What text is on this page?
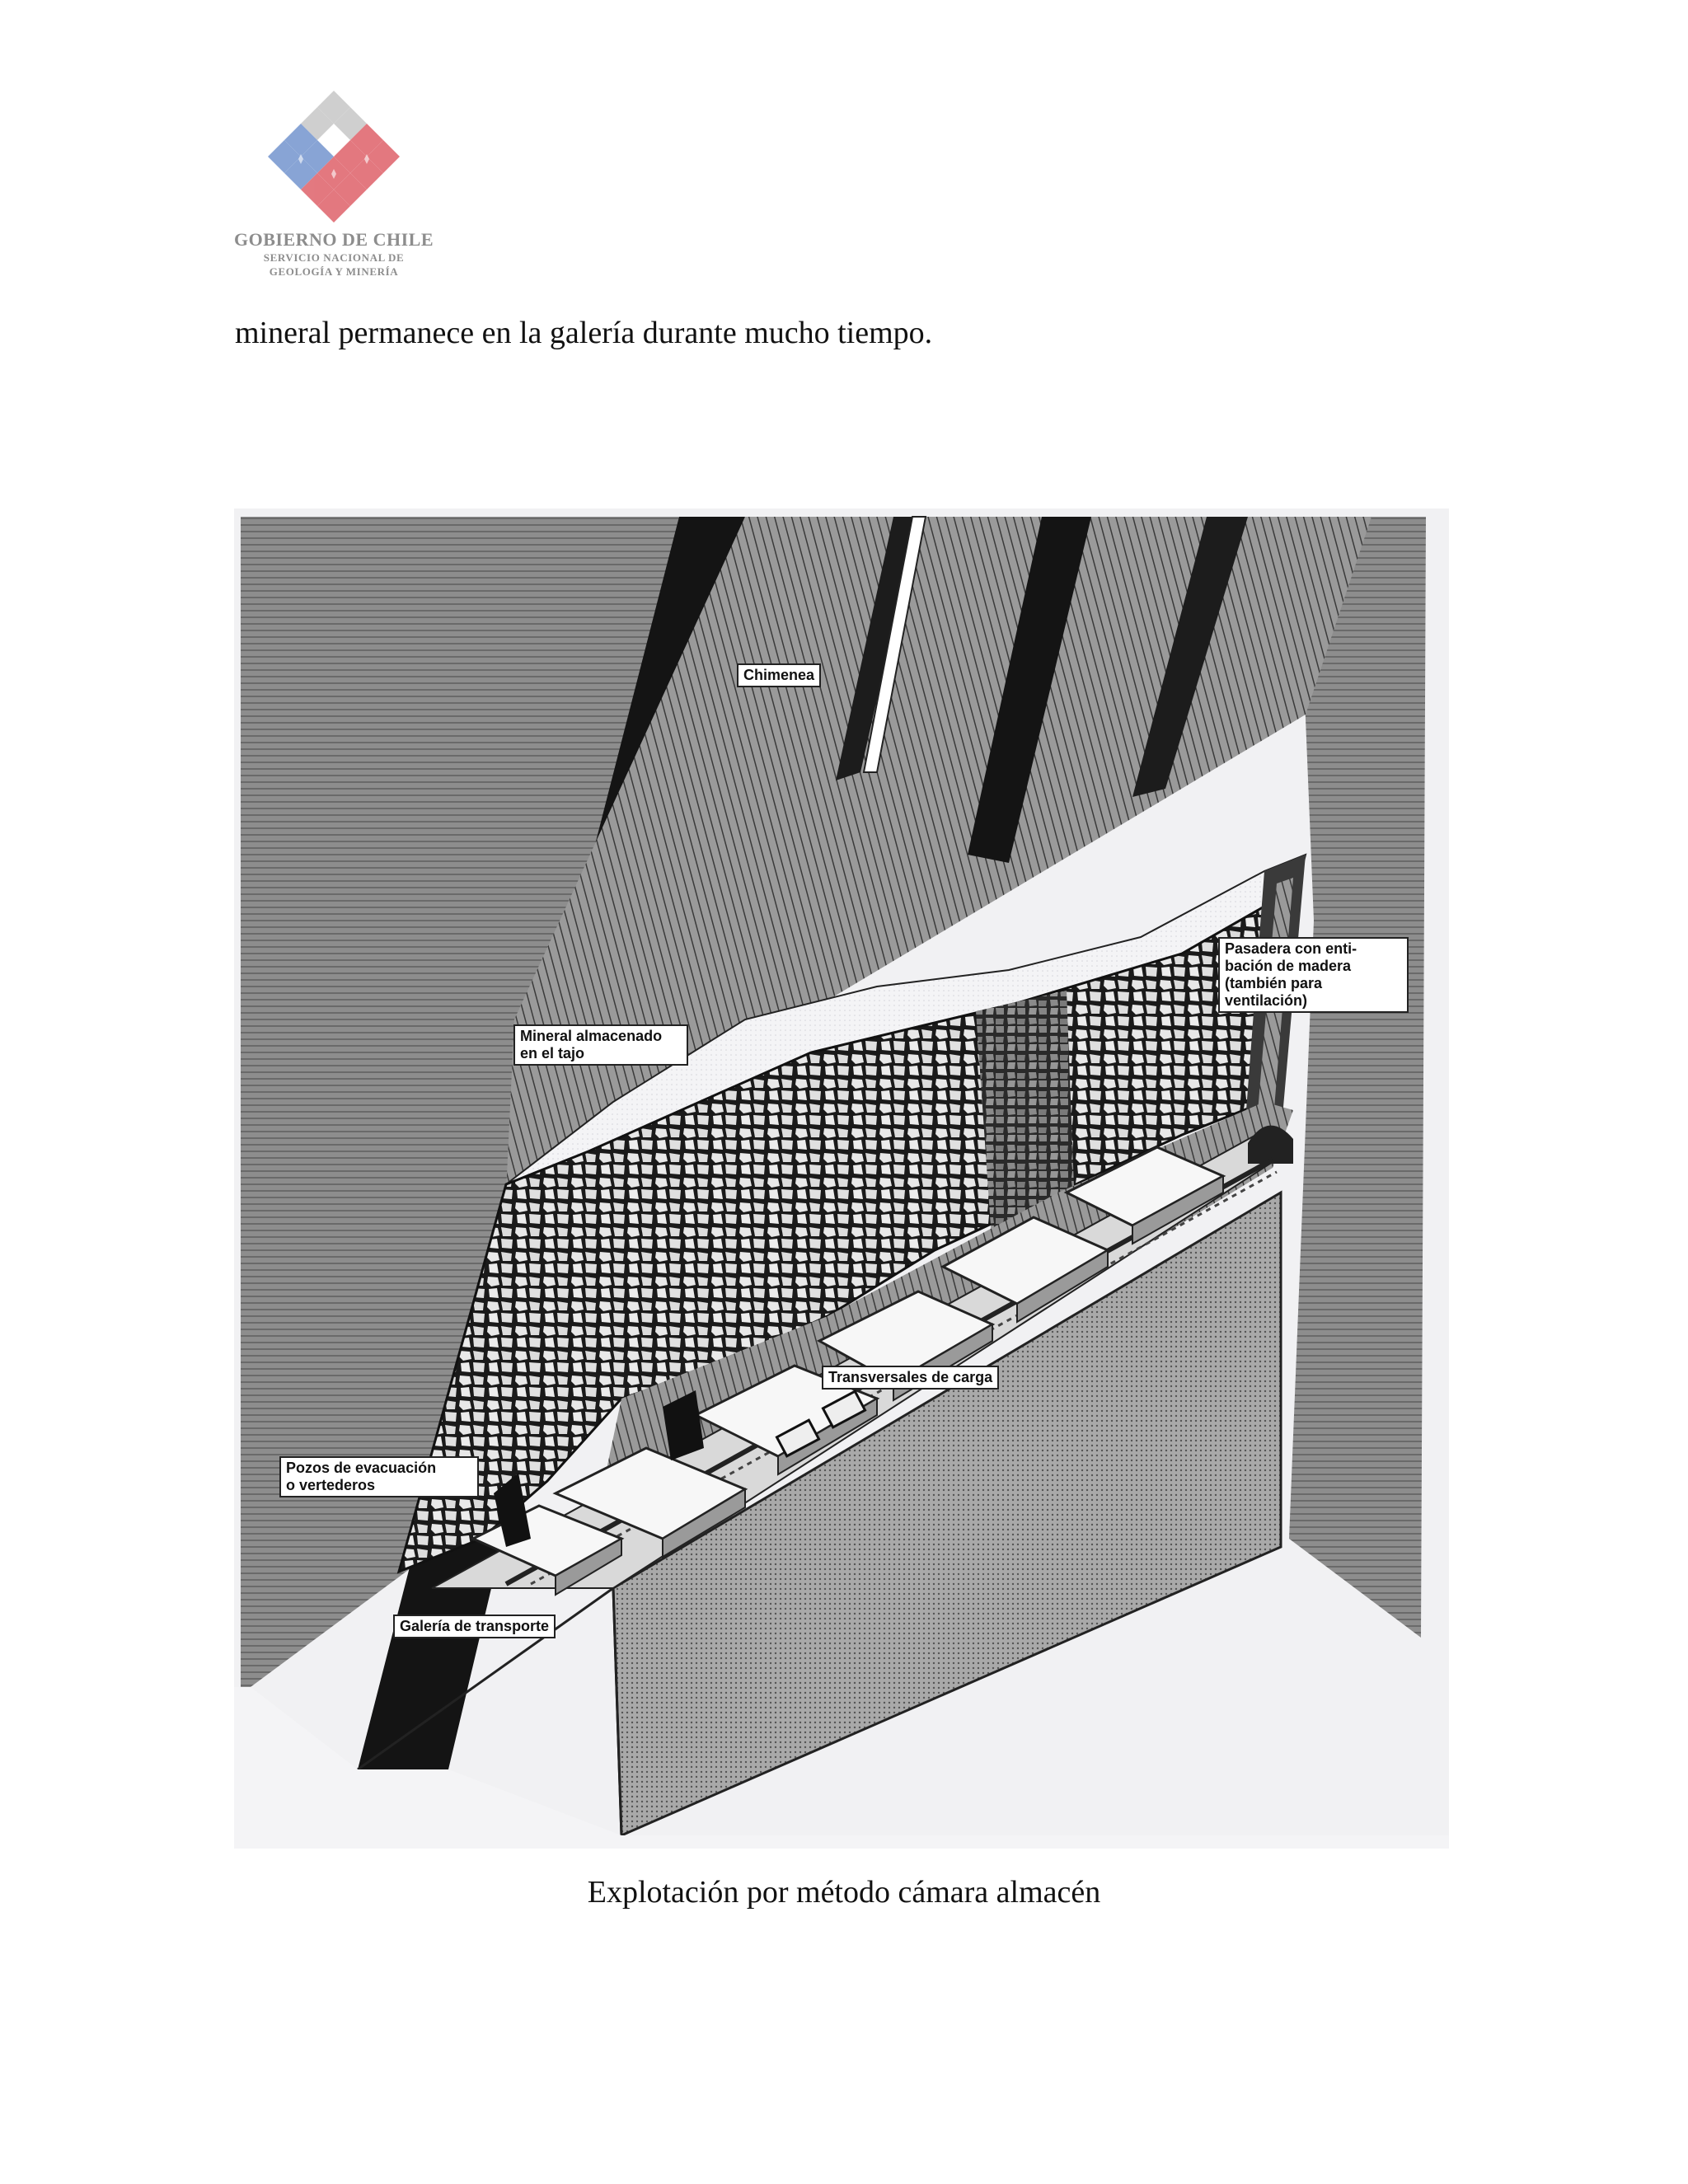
GOBIERNO DE CHILE
SERVICIO NACIONAL DE
GEOLOGÍA Y MINERÍA
mineral permanece en la galería durante mucho tiempo.
Chimenea
Pasadera con enti-
bación de madera
(también para
ventilación)
Mineral almacenado
en el tajo
Transversales de carga
Pozos de evacuación
o vertederos
Galería de transporte
Explotación por método cámara almacén
